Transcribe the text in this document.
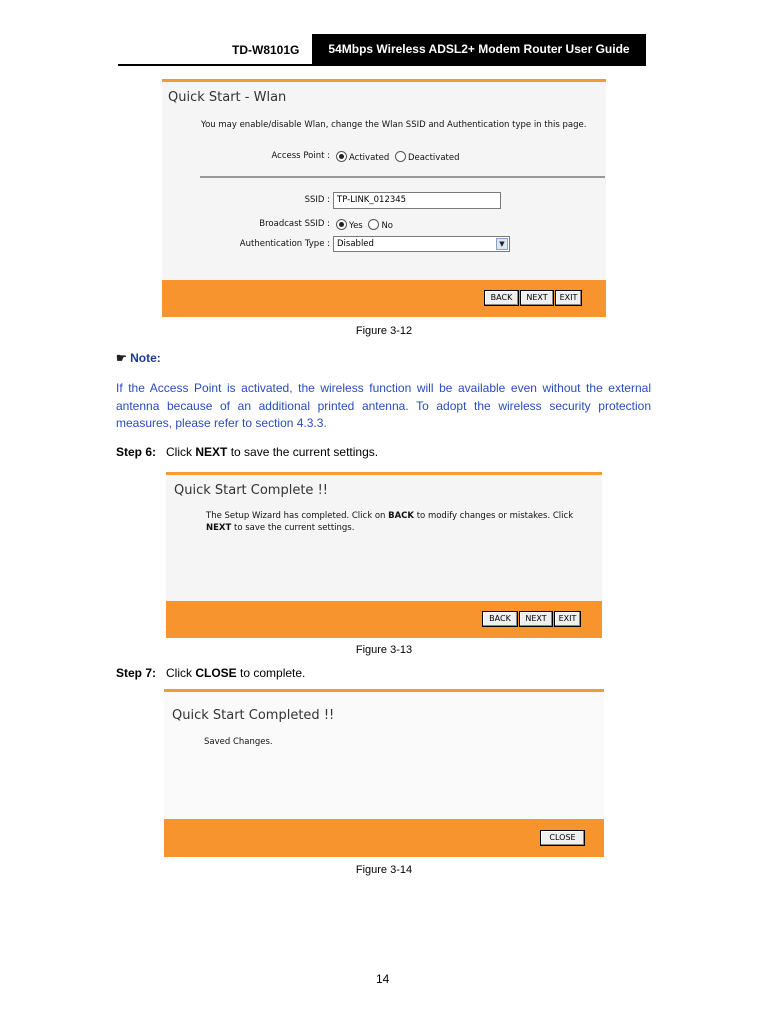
TD-W8101G	54Mbps Wireless ADSL2+ Modem Router User Guide
Quick Start - Wlan
You may enable/disable Wlan, change the Wlan SSID and Authentication type in this page.
Access Point :	Activated Deactivated
SSID : TP-LINK_012345
Broadcast SSID :	Yes No
Authentication Type : Disabled	▼
BACK	NEXT	EXIT
Figure 3-12
☛ Note:
If the Access Point is activated, the wireless function will be available even without the external antenna because of an additional printed antenna. To adopt the wireless security protection measures, please refer to section 4.3.3.
Step 6: Click NEXT to save the current settings.
Quick Start Complete !!
The Setup Wizard has completed. Click on BACK to modify changes or mistakes. Click NEXT to save the current settings.
BACK	NEXT	EXIT
Figure 3-13
Step 7: Click CLOSE to complete.
Quick Start Completed !!
Saved Changes.
CLOSE
Figure 3-14
14
